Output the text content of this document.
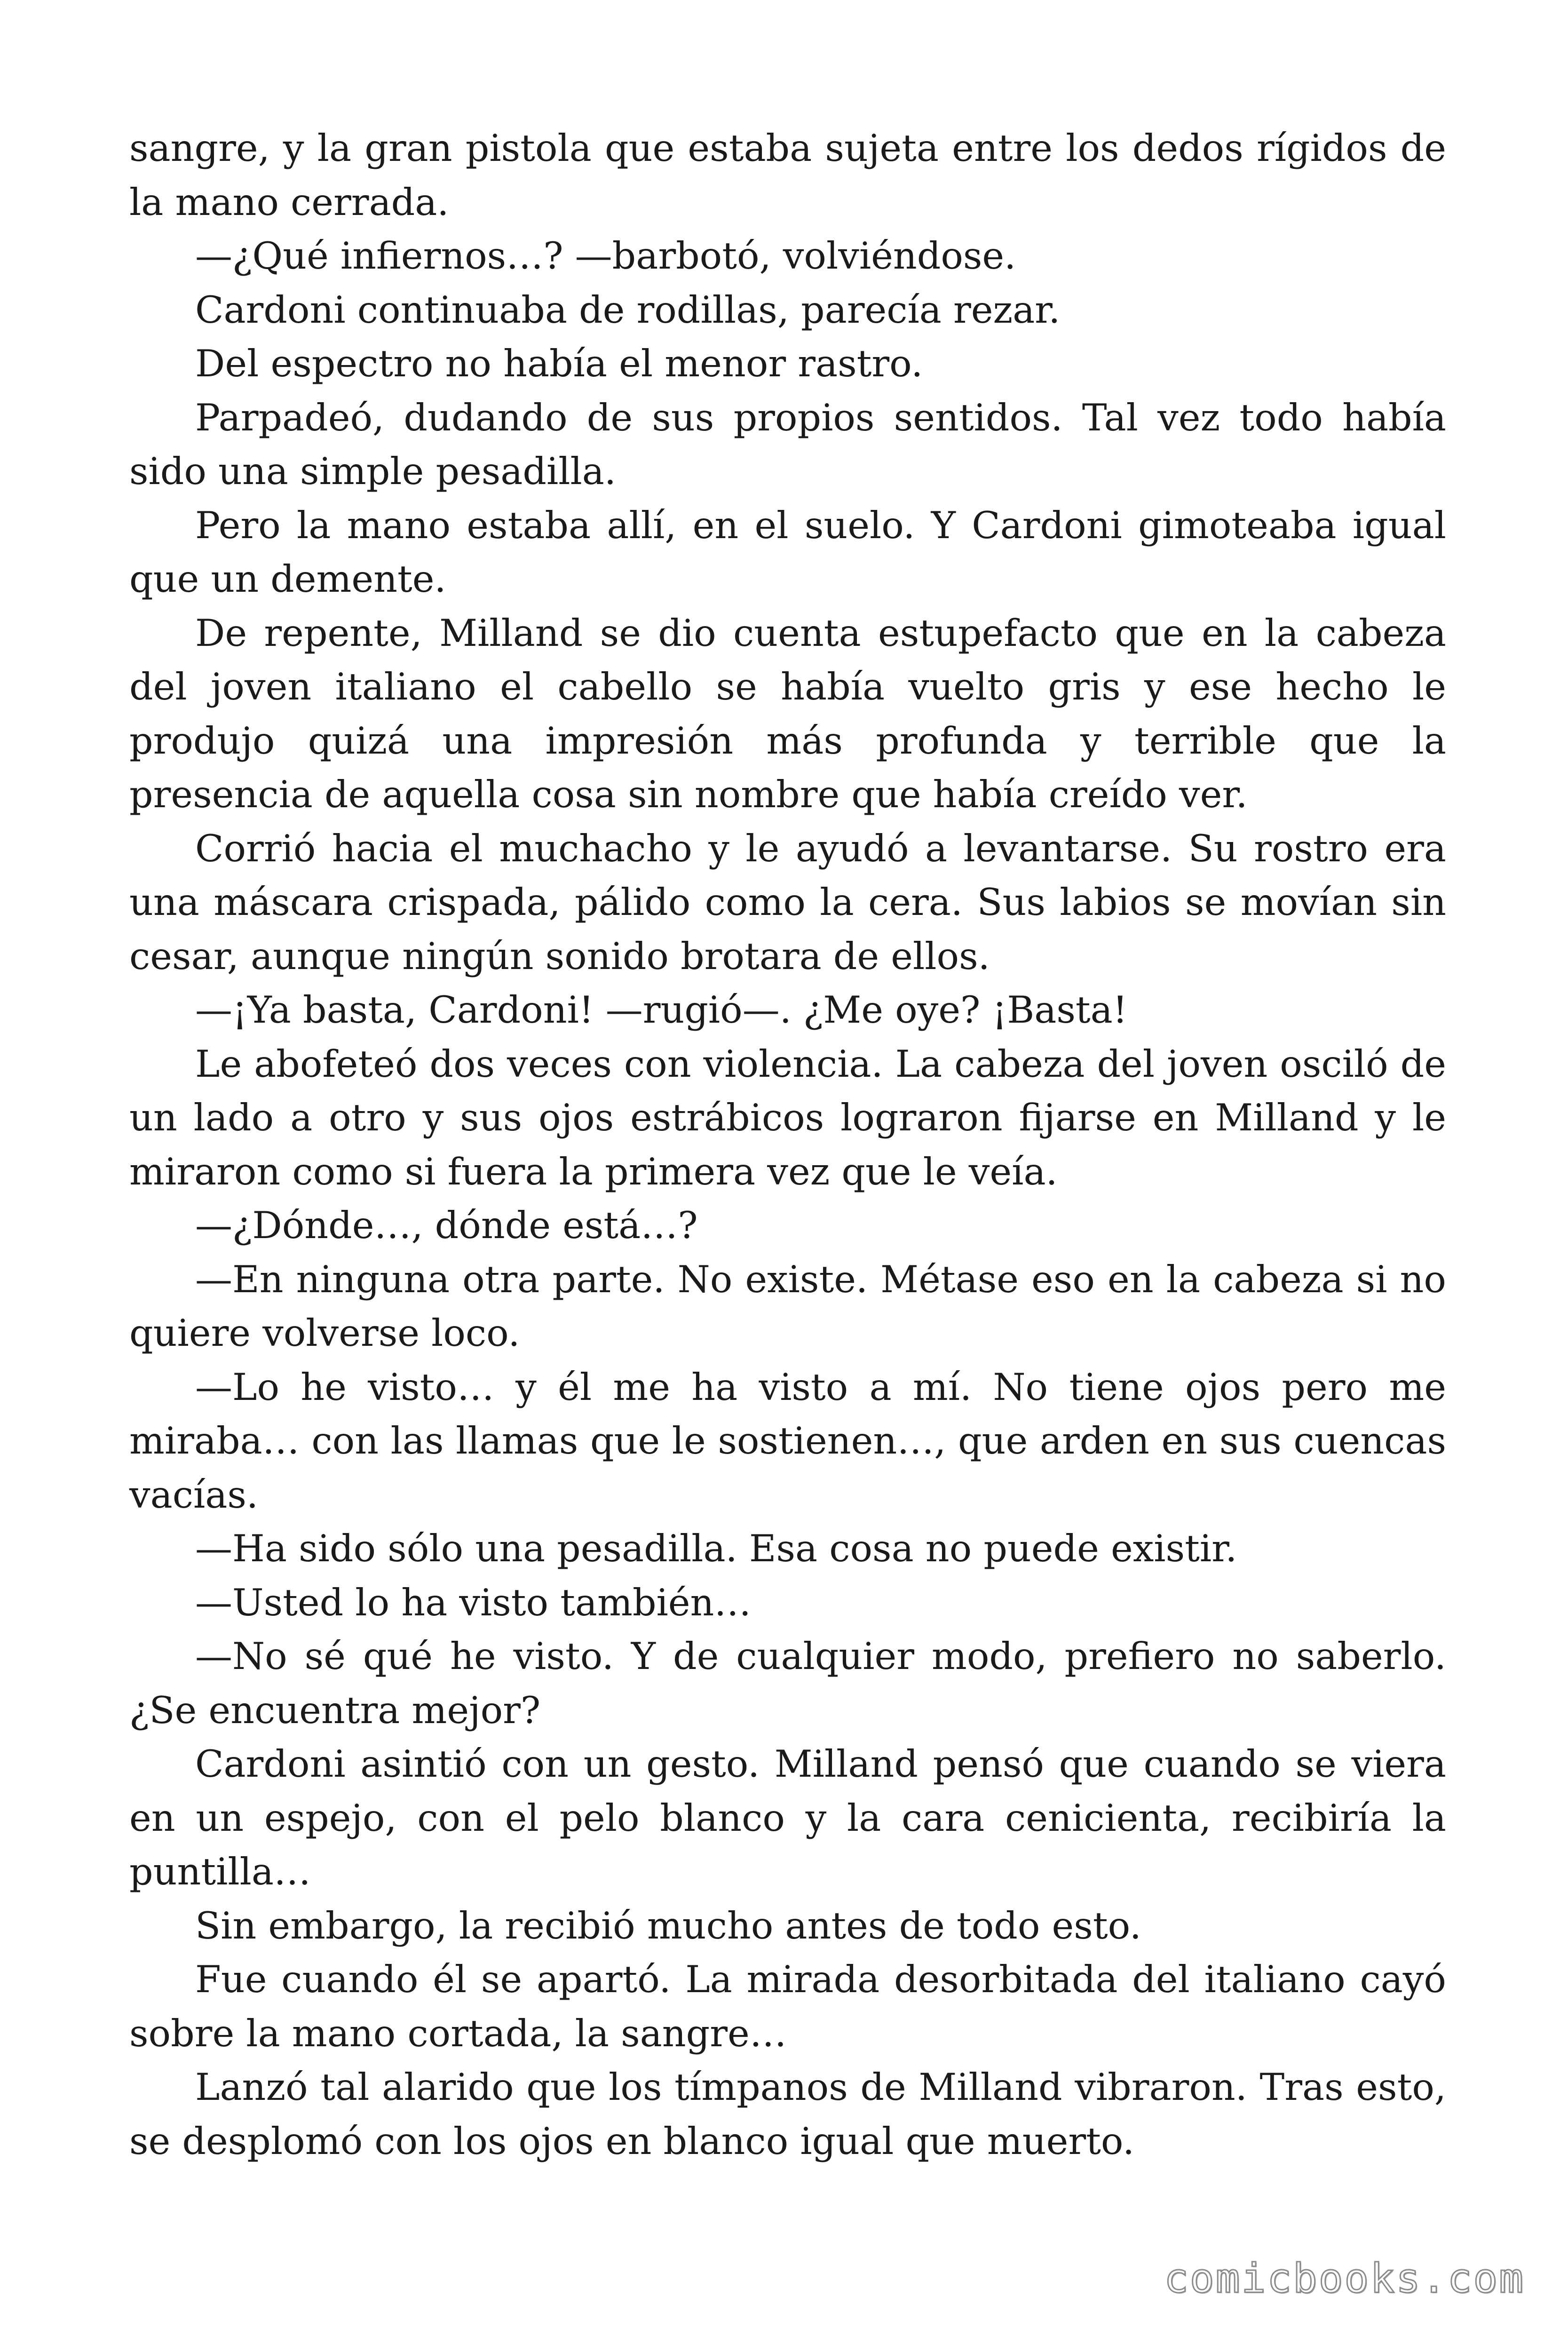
sangre, y la gran pistola que estaba sujeta entre los dedos rígidos de la mano cerrada.

—¿Qué infiernos…? —barbotó, volviéndose.

Cardoni continuaba de rodillas, parecía rezar.

Del espectro no había el menor rastro.

Parpadeó, dudando de sus propios sentidos. Tal vez todo había sido una simple pesadilla.

Pero la mano estaba allí, en el suelo. Y Cardoni gimoteaba igual que un demente.

De repente, Milland se dio cuenta estupefacto que en la cabeza del joven italiano el cabello se había vuelto gris y ese hecho le produjo quizá una impresión más profunda y terrible que la presencia de aquella cosa sin nombre que había creído ver.

Corrió hacia el muchacho y le ayudó a levantarse. Su rostro era una máscara crispada, pálido como la cera. Sus labios se movían sin cesar, aunque ningún sonido brotara de ellos.

—¡Ya basta, Cardoni! —rugió—. ¿Me oye? ¡Basta!

Le abofeteó dos veces con violencia. La cabeza del joven osciló de un lado a otro y sus ojos estrábicos lograron fijarse en Milland y le miraron como si fuera la primera vez que le veía.

—¿Dónde…, dónde está…?

—En ninguna otra parte. No existe. Métase eso en la cabeza si no quiere volverse loco.

—Lo he visto… y él me ha visto a mí. No tiene ojos pero me miraba… con las llamas que le sostienen…, que arden en sus cuencas vacías.

—Ha sido sólo una pesadilla. Esa cosa no puede existir.

—Usted lo ha visto también…

—No sé qué he visto. Y de cualquier modo, prefiero no saberlo. ¿Se encuentra mejor?

Cardoni asintió con un gesto. Milland pensó que cuando se viera en un espejo, con el pelo blanco y la cara cenicienta, recibiría la puntilla…

Sin embargo, la recibió mucho antes de todo esto.

Fue cuando él se apartó. La mirada desorbitada del italiano cayó sobre la mano cortada, la sangre…

Lanzó tal alarido que los tímpanos de Milland vibraron. Tras esto, se desplomó con los ojos en blanco igual que muerto.

comicbooks.com
